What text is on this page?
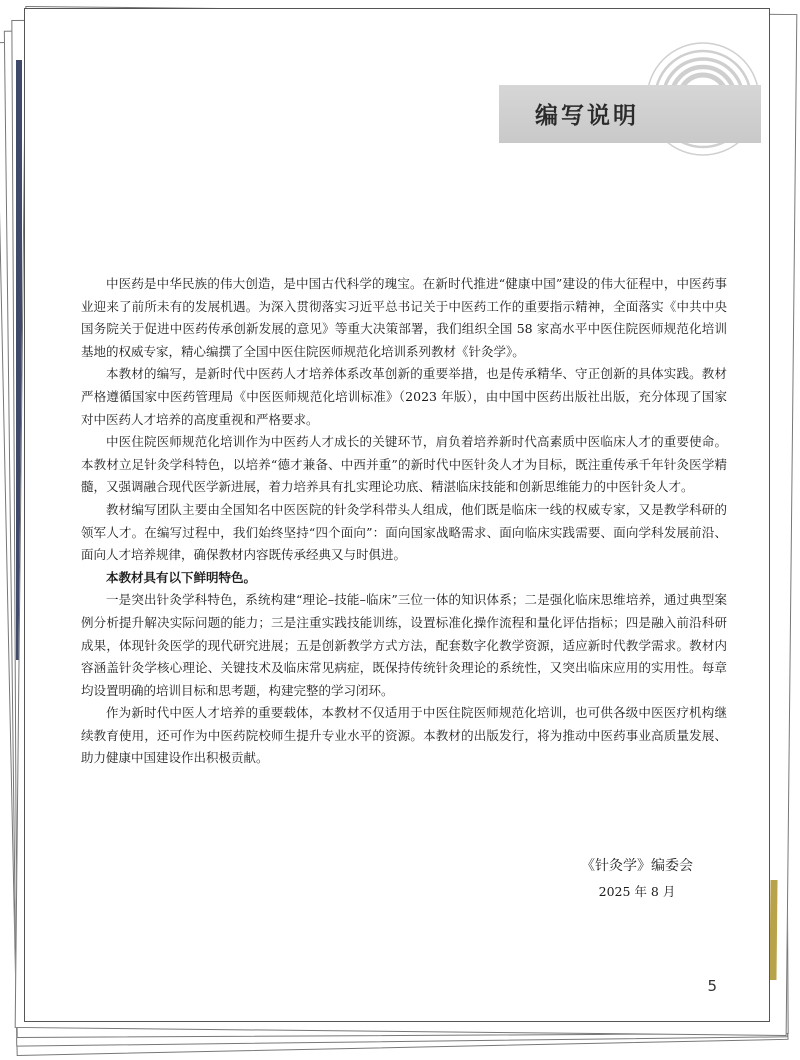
编写说明

中医药是中华民族的伟大创造，是中国古代科学的瑰宝。在新时代推进“健康中国”建设的伟大征程中，中医药事业迎来了前所未有的发展机遇。为深入贯彻落实习近平总书记关于中医药工作的重要指示精神，全面落实《中共中央 国务院关于促进中医药传承创新发展的意见》等重大决策部署，我们组织全国 58 家高水平中医住院医师规范化培训基地的权威专家，精心编撰了全国中医住院医师规范化培训系列教材《针灸学》。

本教材的编写，是新时代中医药人才培养体系改革创新的重要举措，也是传承精华、守正创新的具体实践。教材严格遵循国家中医药管理局《中医医师规范化培训标准》（2023 年版），由中国中医药出版社出版，充分体现了国家对中医药人才培养的高度重视和严格要求。

中医住院医师规范化培训作为中医药人才成长的关键环节，肩负着培养新时代高素质中医临床人才的重要使命。本教材立足针灸学科特色，以培养“德才兼备、中西并重”的新时代中医针灸人才为目标，既注重传承千年针灸医学精髓，又强调融合现代医学新进展，着力培养具有扎实理论功底、精湛临床技能和创新思维能力的中医针灸人才。

教材编写团队主要由全国知名中医医院的针灸学科带头人组成，他们既是临床一线的权威专家，又是教学科研的领军人才。在编写过程中，我们始终坚持“四个面向”：面向国家战略需求、面向临床实践需要、面向学科发展前沿、面向人才培养规律，确保教材内容既传承经典又与时俱进。

本教材具有以下鲜明特色。

一是突出针灸学科特色，系统构建“理论–技能–临床”三位一体的知识体系；二是强化临床思维培养，通过典型案例分析提升解决实际问题的能力；三是注重实践技能训练，设置标准化操作流程和量化评估指标；四是融入前沿科研成果，体现针灸医学的现代研究进展；五是创新教学方式方法，配套数字化教学资源，适应新时代教学需求。教材内容涵盖针灸学核心理论、关键技术及临床常见病症，既保持传统针灸理论的系统性，又突出临床应用的实用性。每章均设置明确的培训目标和思考题，构建完整的学习闭环。

作为新时代中医人才培养的重要载体，本教材不仅适用于中医住院医师规范化培训，也可供各级中医医疗机构继续教育使用，还可作为中医药院校师生提升专业水平的资源。本教材的出版发行，将为推动中医药事业高质量发展、助力健康中国建设作出积极贡献。

《针灸学》编委会
2025 年 8 月
5
